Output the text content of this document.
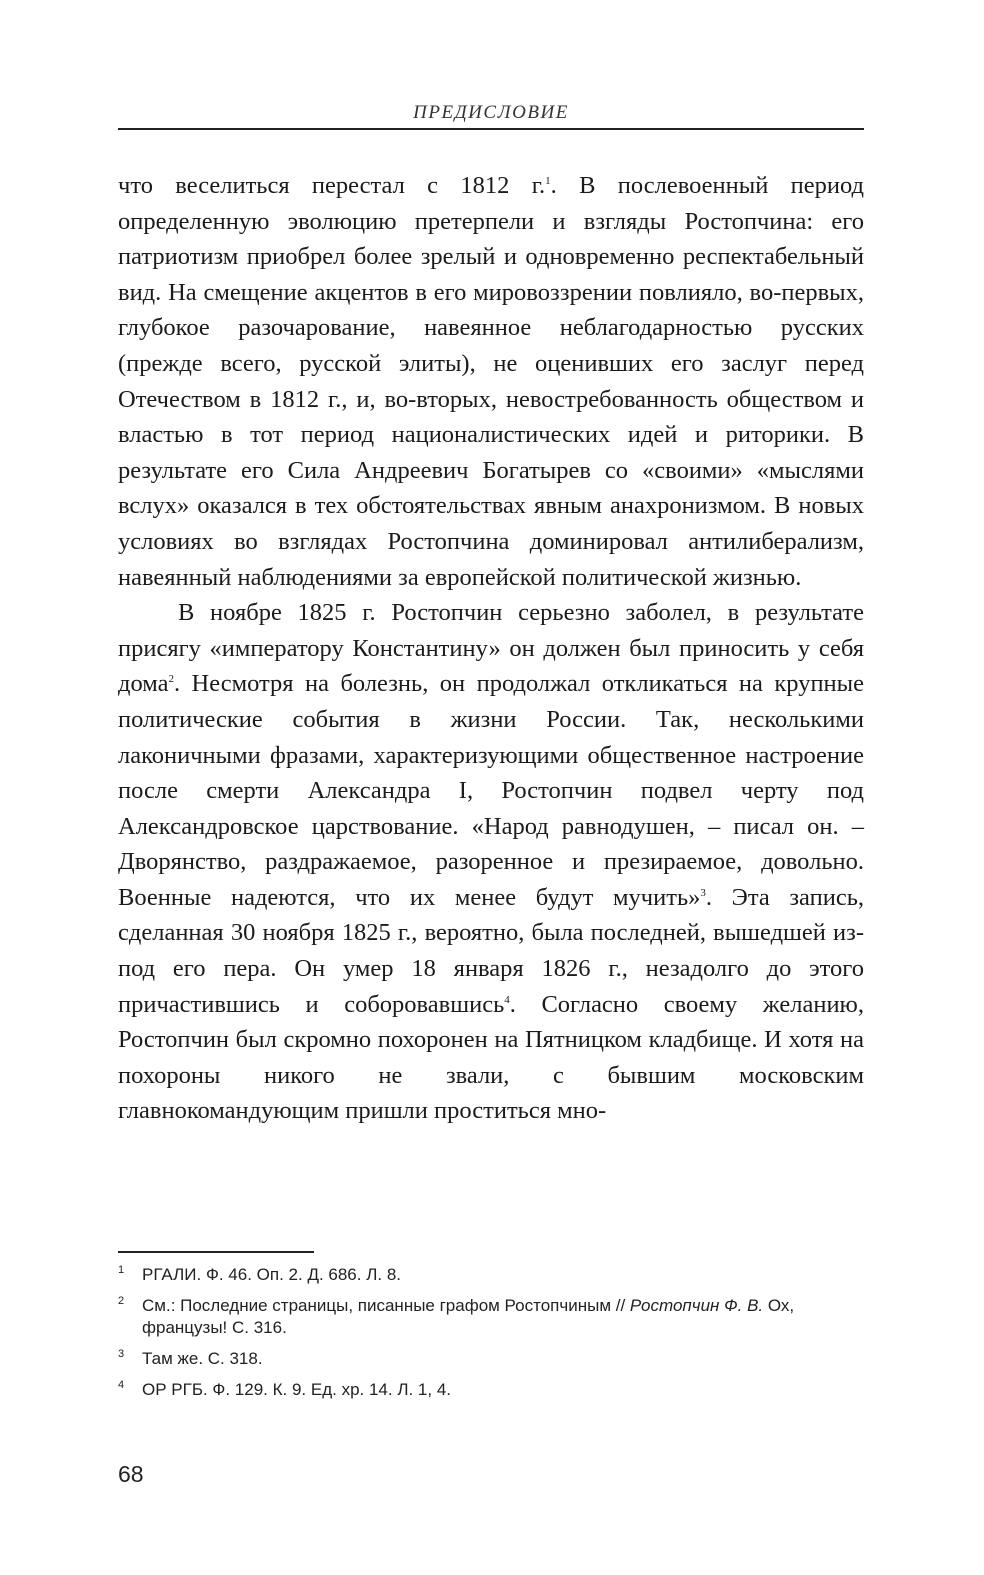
ПРЕДИСЛОВИЕ

что веселиться перестал с 1812 г.$^1$. В послевоенный период определенную эволюцию претерпели и взгляды Ростопчина: его патриотизм приобрел более зрелый и одновременно респектабельный вид. На смещение акцентов в его мировоззрении повлияло, во-первых, глубокое разочарование, навеянное неблагодарностью русских (прежде всего, русской элиты), не оценивших его заслуг перед Отечеством в 1812 г., и, во-вторых, невостребованность обществом и властью в тот период националистических идей и риторики. В результате его Сила Андреевич Богатырев со «своими» «мыслями вслух» оказался в тех обстоятельствах явным анахронизмом. В новых условиях во взглядах Ростопчина доминировал антилиберализм, навеянный наблюдениями за европейской политической жизнью.

В ноябре 1825 г. Ростопчин серьезно заболел, в результате присягу «императору Константину» он должен был приносить у себя дома$^2$. Несмотря на болезнь, он продолжал откликаться на крупные политические события в жизни России. Так, несколькими лаконичными фразами, характеризующими общественное настроение после смерти Александра I, Ростопчин подвел черту под Александровское царствование. «Народ равнодушен, – писал он. – Дворянство, раздражаемое, разоренное и презираемое, довольно. Военные надеются, что их менее будут мучить»$^3$. Эта запись, сделанная 30 ноября 1825 г., вероятно, была последней, вышедшей из-под его пера. Он умер 18 января 1826 г., незадолго до этого причастившись и соборовавшись$^4$. Согласно своему желанию, Ростопчин был скромно похоронен на Пятницком кладбище. И хотя на похороны никого не звали, с бывшим московским главнокомандующим пришли проститься мно-

1 РГАЛИ. Ф. 46. Оп. 2. Д. 686. Л. 8.
2 См.: Последние страницы, писанные графом Ростопчиным // Ростопчин Ф. В. Ох, французы! С. 316.
3 Там же. С. 318.
4 ОР РГБ. Ф. 129. К. 9. Ед. хр. 14. Л. 1, 4.
68
